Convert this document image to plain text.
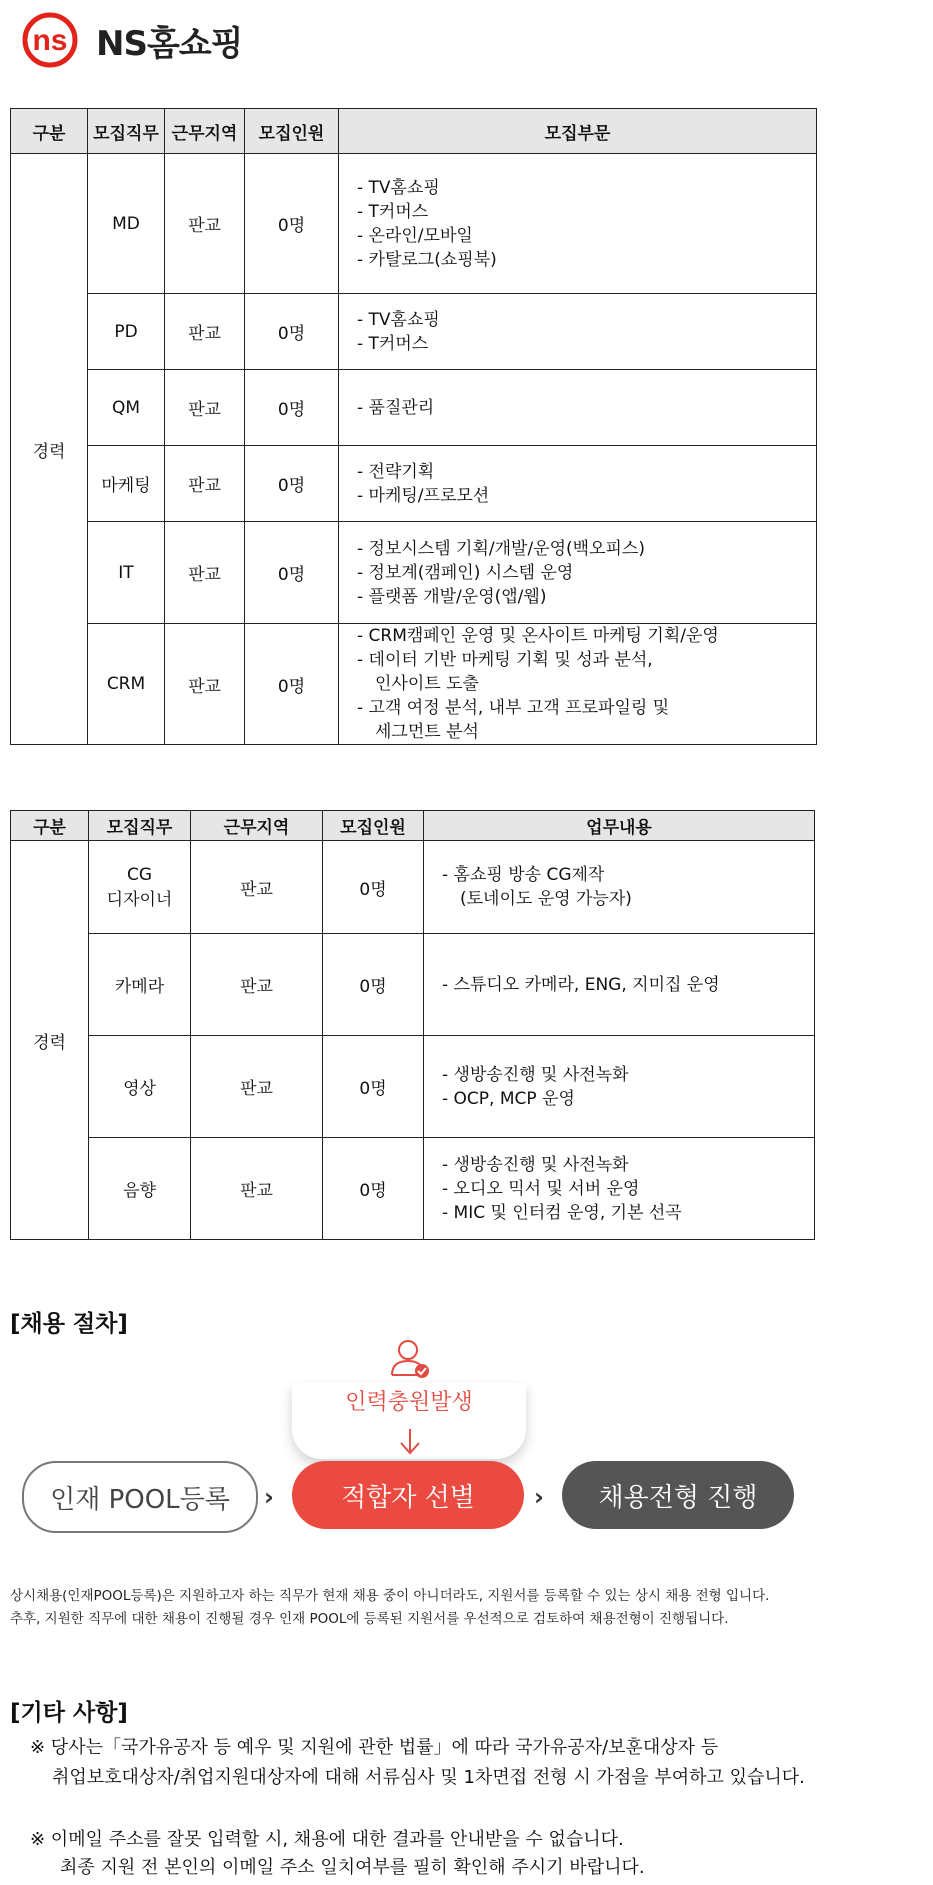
ns NS홈쇼핑
구분	모집직무	근무지역	모집인원	모집부문
경력	MD	판교	0명	- TV홈쇼핑
- T커머스
- 온라인/모바일
- 카탈로그(쇼핑북)

	PD	판교	0명	- TV홈쇼핑
- T커머스

	QM	판교	0명	- 품질관리

	마케팅	판교	0명	- 전략기획
- 마케팅/프로모션

	IT	판교	0명	- 정보시스템 기획/개발/운영(백오피스)
- 정보계(캠페인) 시스템 운영
- 플랫폼 개발/운영(앱/웹)

	CRM	판교	0명	- CRM캠페인 운영 및 온사이트 마케팅 기획/운영
- 데이터 기반 마케팅 기획 및 성과 분석,
인사이트 도출
- 고객 여정 분석, 내부 고객 프로파일링 및
세그먼트 분석
구분	모집직무	근무지역	모집인원	업무내용
경력	CG
디자이너	판교	0명	- 홈쇼핑 방송 CG제작
(토네이도 운영 가능자)

	카메라	판교	0명	- 스튜디오 카메라, ENG, 지미집 운영

	영상	판교	0명	- 생방송진행 및 사전녹화
- OCP, MCP 운영

	음향	판교	0명	- 생방송진행 및 사전녹화
- 오디오 믹서 및 서버 운영
- MIC 및 인터컴 운영, 기본 선곡
[채용 절차]
인력충원발생
인재 POOL등록	›	적합자 선별	›	채용전형 진행
상시채용(인재POOL등록)은 지원하고자 하는 직무가 현재 채용 중이 아니더라도, 지원서를 등록할 수 있는 상시 채용 전형 입니다.
추후, 지원한 직무에 대한 채용이 진행될 경우 인재 POOL에 등록된 지원서를 우선적으로 검토하여 채용전형이 진행됩니다.
[기타 사항]
※ 당사는「국가유공자 등 예우 및 지원에 관한 법률」에 따라 국가유공자/보훈대상자 등
취업보호대상자/취업지원대상자에 대해 서류심사 및 1차면접 전형 시 가점을 부여하고 있습니다.
※ 이메일 주소를 잘못 입력할 시, 채용에 대한 결과를 안내받을 수 없습니다.
최종 지원 전 본인의 이메일 주소 일치여부를 필히 확인해 주시기 바랍니다.
